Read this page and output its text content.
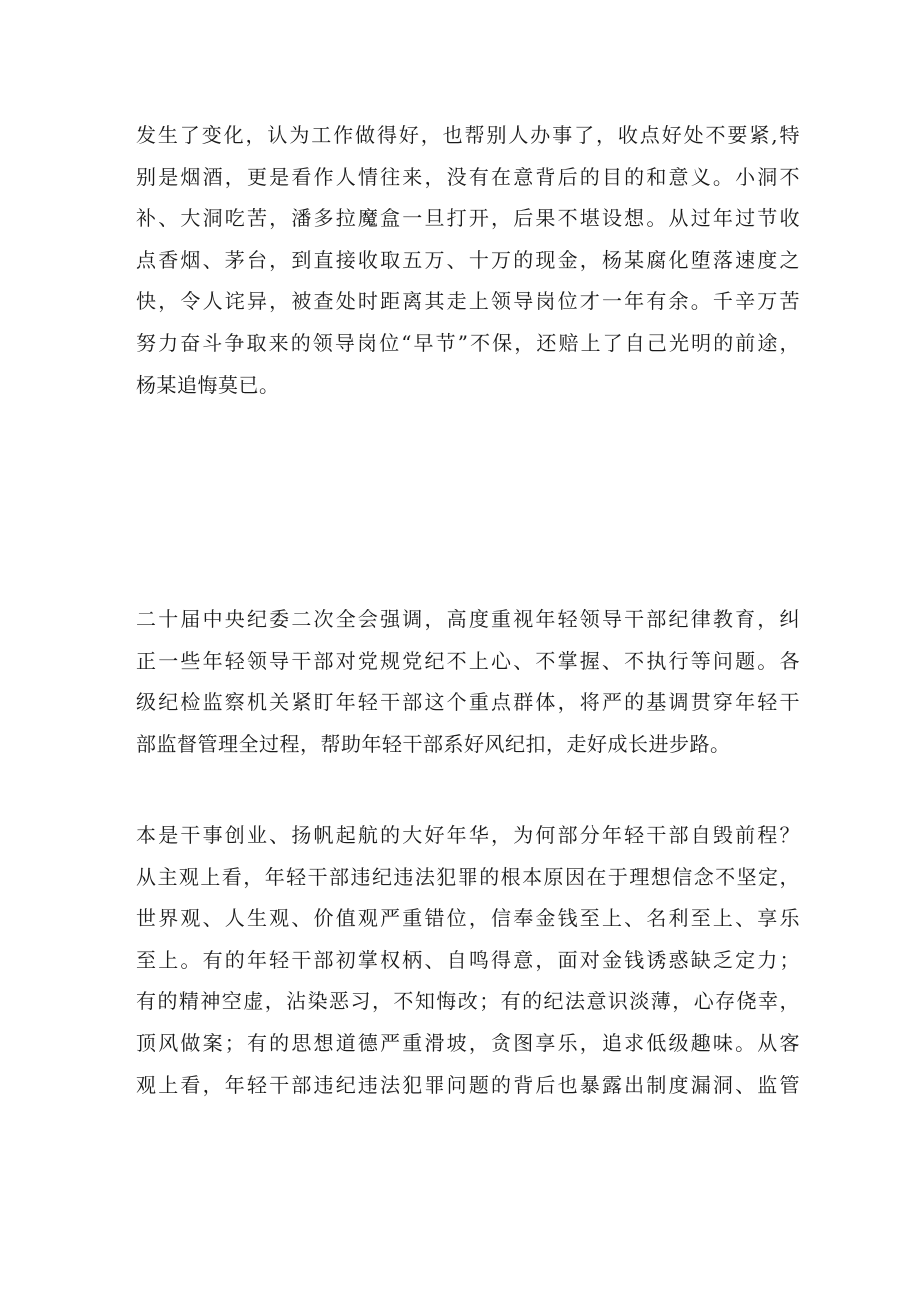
发生了变化，认为工作做得好，也帮别人办事了，收点好处不要紧,特
别是烟酒，更是看作人情往来，没有在意背后的目的和意义。小洞不
补、大洞吃苦，潘多拉魔盒一旦打开，后果不堪设想。从过年过节收
点香烟、茅台，到直接收取五万、十万的现金，杨某腐化堕落速度之
快，令人诧异，被查处时距离其走上领导岗位才一年有余。千辛万苦
努力奋斗争取来的领导岗位“早节”不保，还赔上了自己光明的前途，
杨某追悔莫已。
二十届中央纪委二次全会强调，高度重视年轻领导干部纪律教育，纠
正一些年轻领导干部对党规党纪不上心、不掌握、不执行等问题。各
级纪检监察机关紧盯年轻干部这个重点群体，将严的基调贯穿年轻干
部监督管理全过程，帮助年轻干部系好风纪扣，走好成长进步路。
本是干事创业、扬帆起航的大好年华，为何部分年轻干部自毁前程？
从主观上看，年轻干部违纪违法犯罪的根本原因在于理想信念不坚定，
世界观、人生观、价值观严重错位，信奉金钱至上、名利至上、享乐
至上。有的年轻干部初掌权柄、自鸣得意，面对金钱诱惑缺乏定力；
有的精神空虚，沾染恶习，不知悔改；有的纪法意识淡薄，心存侥幸，
顶风做案；有的思想道德严重滑坡，贪图享乐，追求低级趣味。从客
观上看，年轻干部违纪违法犯罪问题的背后也暴露出制度漏洞、监管
